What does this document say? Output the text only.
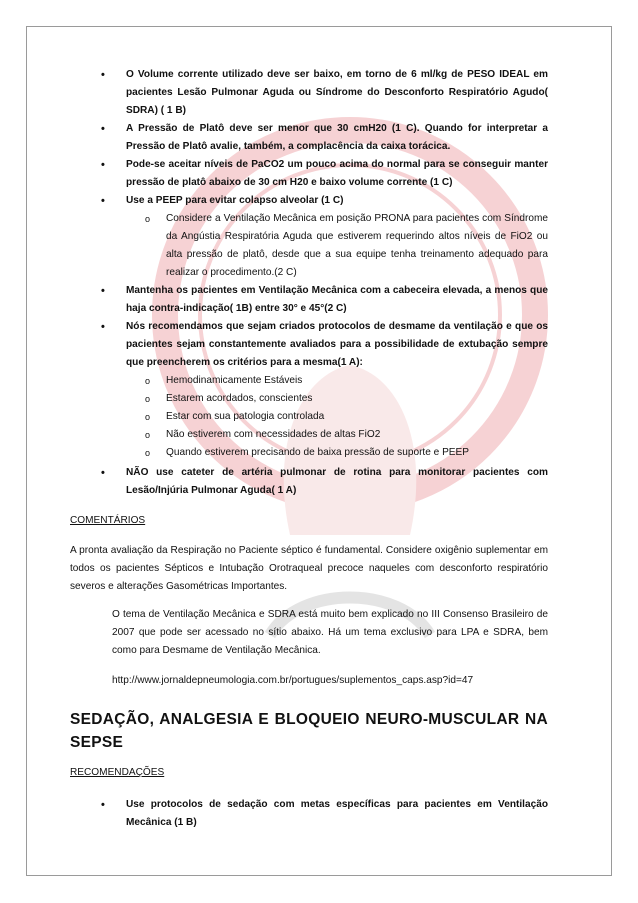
• O Volume corrente utilizado deve ser baixo, em torno de 6 ml/kg de PESO IDEAL em pacientes Lesão Pulmonar Aguda ou Síndrome do Desconforto Respiratório Agudo( SDRA) ( 1 B)
• A Pressão de Platô deve ser menor que 30 cmH20 (1 C). Quando for interpretar a Pressão de Platô avalie, também, a complacência da caixa torácica.
• Pode-se aceitar níveis de PaCO2 um pouco acima do normal para se conseguir manter pressão de platô abaixo de 30 cm H20 e baixo volume corrente (1 C)
• Use a PEEP para evitar colapso alveolar (1 C)
o Considere a Ventilação Mecânica em posição PRONA para pacientes com Síndrome da Angústia Respiratória Aguda que estiverem requerindo altos níveis de FiO2 ou alta pressão de platô, desde que a sua equipe tenha treinamento adequado para realizar o procedimento.(2 C)
• Mantenha os pacientes em Ventilação Mecânica com a cabeceira elevada, a menos que haja contra-indicação( 1B) entre 30° e 45°(2 C)
• Nós recomendamos que sejam criados protocolos de desmame da ventilação e que os pacientes sejam constantemente avaliados para a possibilidade de extubação sempre que preencherem os critérios para a mesma(1 A):
o Hemodinamicamente Estáveis
o Estarem acordados, conscientes
o Estar com sua patologia controlada
o Não estiverem com necessidades de altas FiO2
o Quando estiverem precisando de baixa pressão de suporte e PEEP
• NÃO use cateter de artéria pulmonar de rotina para monitorar pacientes com Lesão/Injúria Pulmonar Aguda( 1 A)

COMENTÁRIOS

A pronta avaliação da Respiração no Paciente séptico é fundamental. Considere oxigênio suplementar em todos os pacientes Sépticos e Intubação Orotraqueal precoce naqueles com desconforto respiratório severos e alterações Gasométricas Importantes.

O tema de Ventilação Mecânica e SDRA está muito bem explicado no III Consenso Brasileiro de 2007 que pode ser acessado no sítio abaixo. Há um tema exclusivo para LPA e SDRA, bem como para Desmame de Ventilação Mecânica.

http://www.jornaldepneumologia.com.br/portugues/suplementos_caps.asp?id=47

SEDAÇÃO, ANALGESIA E BLOQUEIO NEURO-MUSCULAR NA SEPSE

RECOMENDAÇÕES

• Use protocolos de sedação com metas específicas para pacientes em Ventilação Mecânica (1 B)
